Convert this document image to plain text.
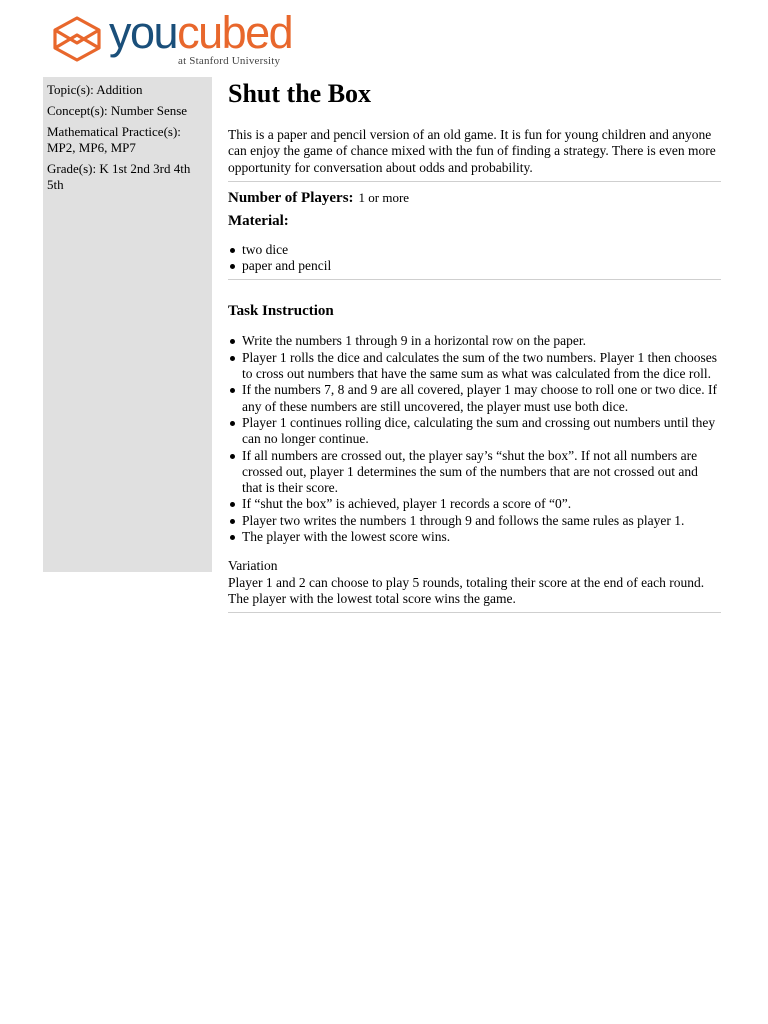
youcubed
at Stanford University

Topic(s): Addition

Concept(s): Number Sense

Mathematical Practice(s): MP2, MP6, MP7

Grade(s): K 1st 2nd 3rd 4th 5th

Shut the Box

This is a paper and pencil version of an old game. It is fun for young children and anyone can enjoy the game of chance mixed with the fun of finding a strategy. There is even more opportunity for conversation about odds and probability.

Number of Players: 1 or more
Material:
two dice
paper and pencil
Task Instruction
Write the numbers 1 through 9 in a horizontal row on the paper.
Player 1 rolls the dice and calculates the sum of the two numbers. Player 1 then chooses to cross out numbers that have the same sum as what was calculated from the dice roll.
If the numbers 7, 8 and 9 are all covered, player 1 may choose to roll one or two dice. If any of these numbers are still uncovered, the player must use both dice.
Player 1 continues rolling dice, calculating the sum and crossing out numbers until they can no longer continue.
If all numbers are crossed out, the player say’s “shut the box”. If not all numbers are crossed out, player 1 determines the sum of the numbers that are not crossed out and that is their score.
If “shut the box” is achieved, player 1 records a score of “0”.
Player two writes the numbers 1 through 9 and follows the same rules as player 1.
The player with the lowest score wins.
Variation

Player 1 and 2 can choose to play 5 rounds, totaling their score at the end of each round. The player with the lowest total score wins the game.
